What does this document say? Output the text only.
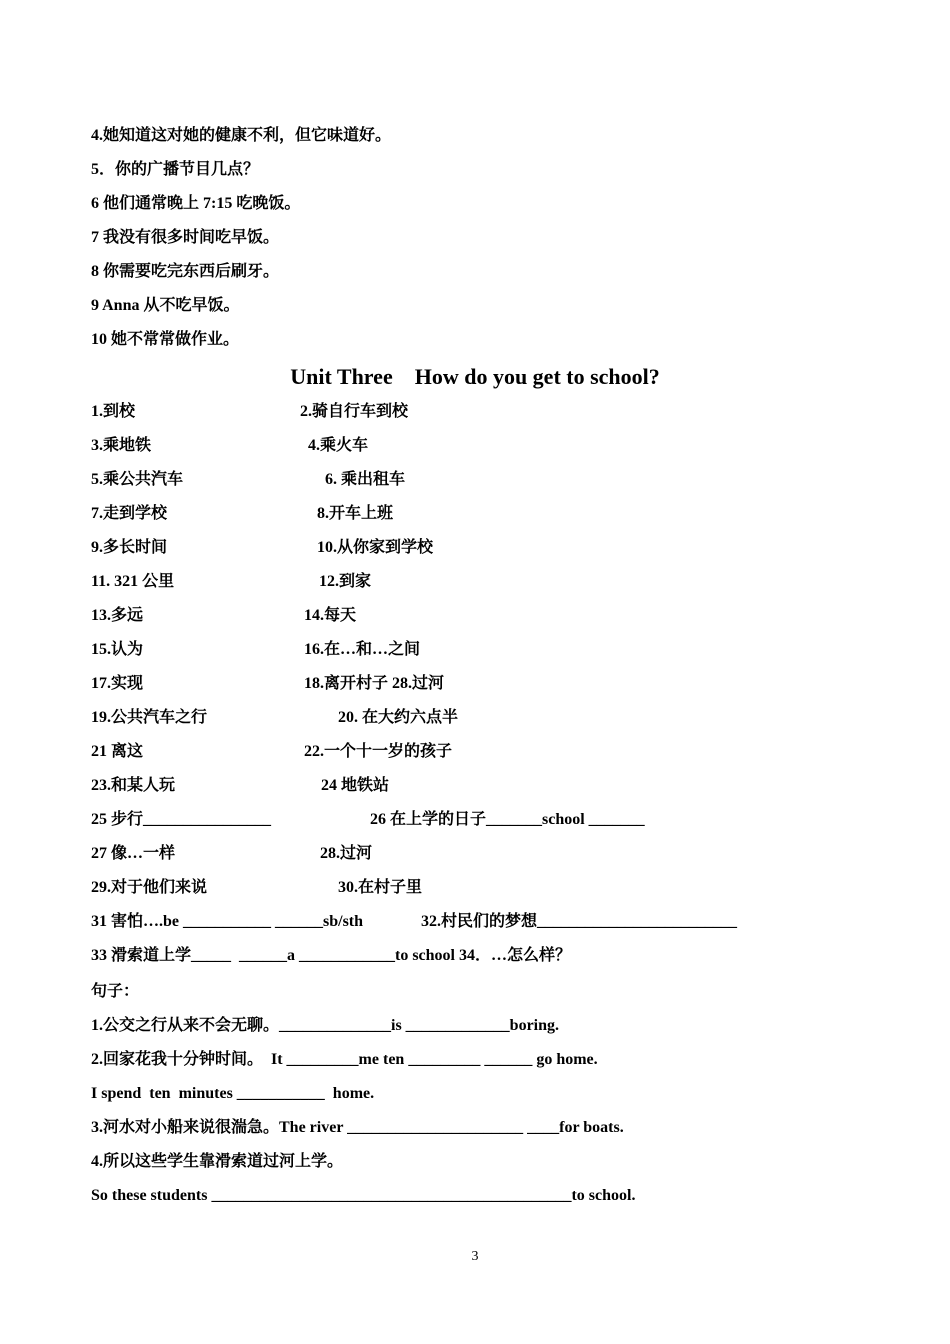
4.她知道这对她的健康不利，但它味道好。
5．你的广播节目几点？
6 他们通常晚上 7:15 吃晚饭。
7 我没有很多时间吃早饭。
8 你需要吃完东西后刷牙。
9 Anna 从不吃早饭。
10 她不常常做作业。
Unit Three    How do you get to school?
1.到校	2.骑自行车到校
3.乘地铁	4.乘火车
5.乘公共汽车	6. 乘出租车
7.走到学校	8.开车上班
9.多长时间	10.从你家到学校
11. 321 公里	12.到家
13.多远	14.每天
15.认为	16.在…和…之间
17.实现	18.离开村子 28.过河
19.公共汽车之行	20. 在大约六点半
21 离这	22.一个十一岁的孩子
23.和某人玩	24 地铁站
25 步行________________	26 在上学的日子_______school _______
27 像…一样	28.过河
29.对于他们来说	30.在村子里
31 害怕….be ___________ ______sb/sth	32.村民们的梦想_________________________
33 滑索道上学_____  ______a ____________to school 34．…怎么样？
句子：
1.公交之行从来不会无聊。______________is _____________boring.
2.回家花我十分钟时间。  It _________me ten _________ ______ go home.
I spend  ten  minutes ___________  home.
3.河水对小船来说很湍急。The river ______________________ ____for boats.
4.所以这些学生靠滑索道过河上学。
So these students _____________________________________________to school.
3
